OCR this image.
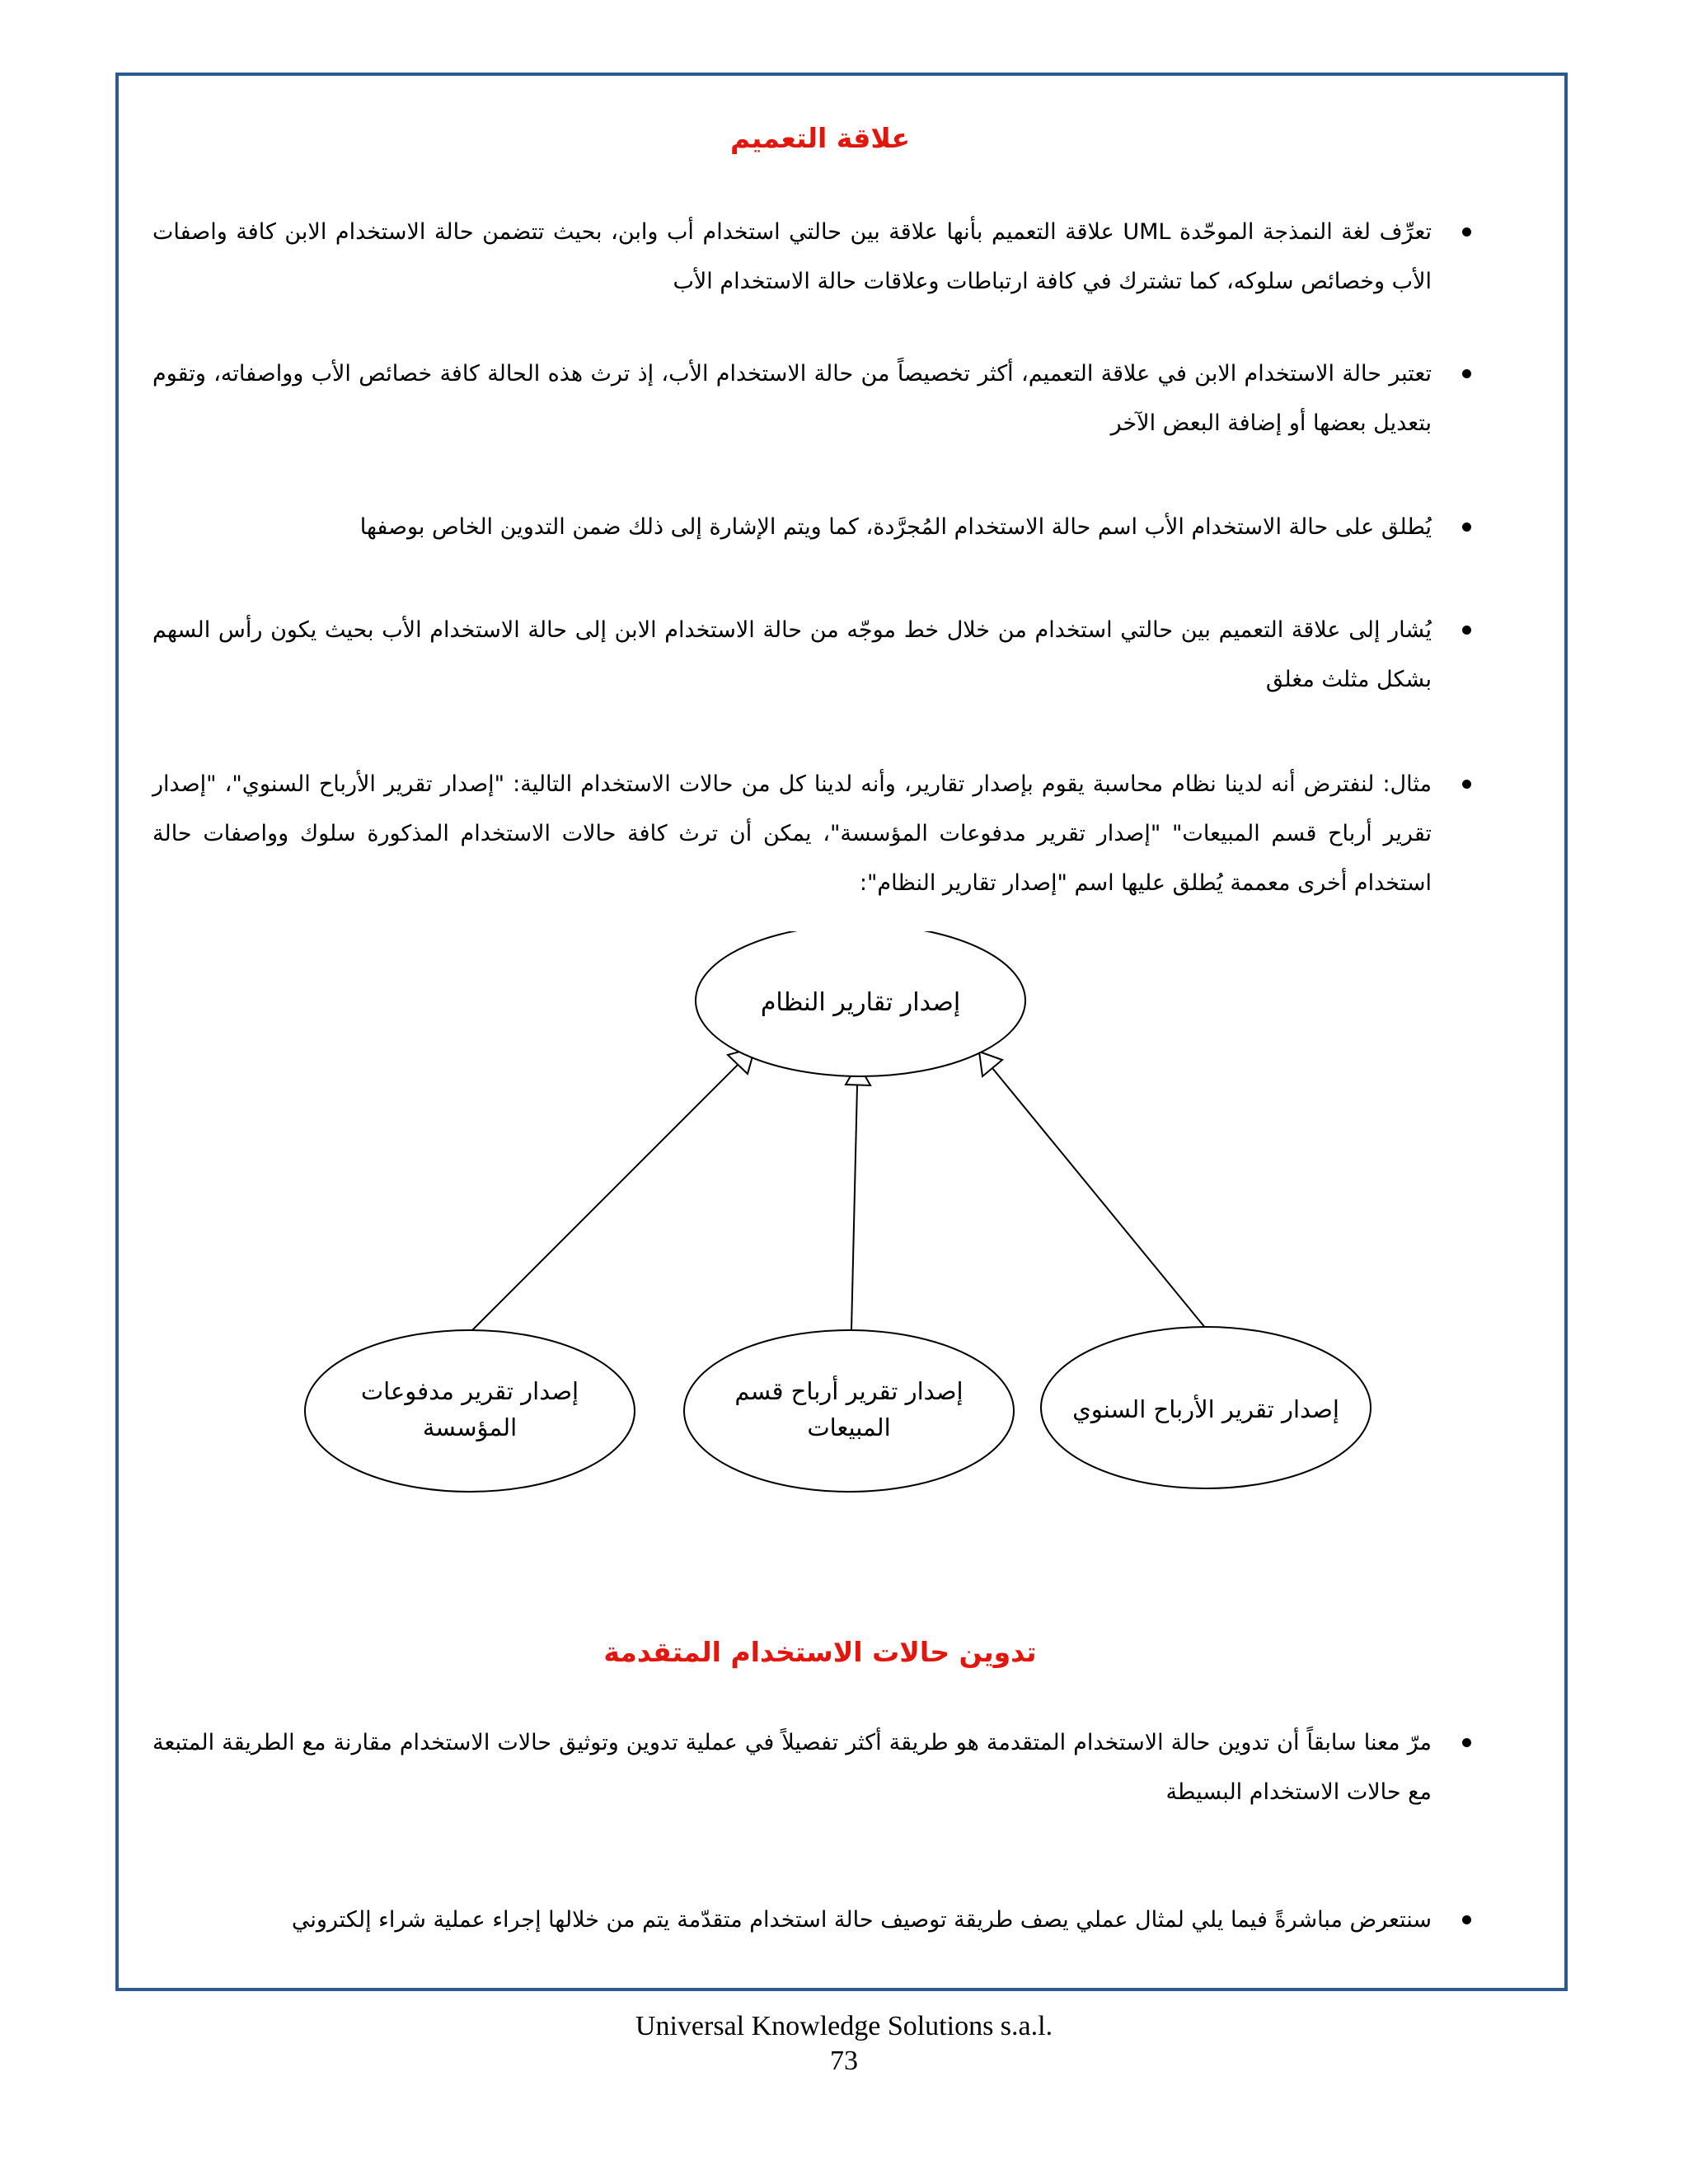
علاقة التعميم
تعرِّف لغة النمذجة الموحّدة UML علاقة التعميم بأنها علاقة بين حالتي استخدام أب وابن، بحيث تتضمن حالة الاستخدام الابن كافة واصفات الأب وخصائص سلوكه، كما تشترك في كافة ارتباطات وعلاقات حالة الاستخدام الأب
تعتبر حالة الاستخدام الابن في علاقة التعميم، أكثر تخصيصاً من حالة الاستخدام الأب، إذ ترث هذه الحالة كافة خصائص الأب وواصفاته، وتقوم بتعديل بعضها أو إضافة البعض الآخر
يُطلق على حالة الاستخدام الأب اسم حالة الاستخدام المُجرَّدة، كما ويتم الإشارة إلى ذلك ضمن التدوين الخاص بوصفها
يُشار إلى علاقة التعميم بين حالتي استخدام من خلال خط موجّه من حالة الاستخدام الابن إلى حالة الاستخدام الأب بحيث يكون رأس السهم بشكل مثلث مغلق
مثال: لنفترض أنه لدينا نظام محاسبة يقوم بإصدار تقارير، وأنه لدينا كل من حالات الاستخدام التالية: "إصدار تقرير الأرباح السنوي"، "إصدار تقرير أرباح قسم المبيعات" "إصدار تقرير مدفوعات المؤسسة"، يمكن أن ترث كافة حالات الاستخدام المذكورة سلوك وواصفات حالة استخدام أخرى معممة يُطلق عليها اسم "إصدار تقارير النظام":
تدوين حالات الاستخدام المتقدمة
مرّ معنا سابقاً أن تدوين حالة الاستخدام المتقدمة هو طريقة أكثر تفصيلاً في عملية تدوين وتوثيق حالات الاستخدام مقارنة مع الطريقة المتبعة مع حالات الاستخدام البسيطة
سنتعرض مباشرةً فيما يلي لمثال عملي يصف طريقة توصيف حالة استخدام متقدّمة يتم من خلالها إجراء عملية شراء إلكتروني
إصدار تقارير النظام
إصدار تقرير مدفوعات
المؤسسة
إصدار تقرير أرباح قسم
المبيعات
إصدار تقرير الأرباح السنوي
Universal Knowledge Solutions s.a.l.
73
